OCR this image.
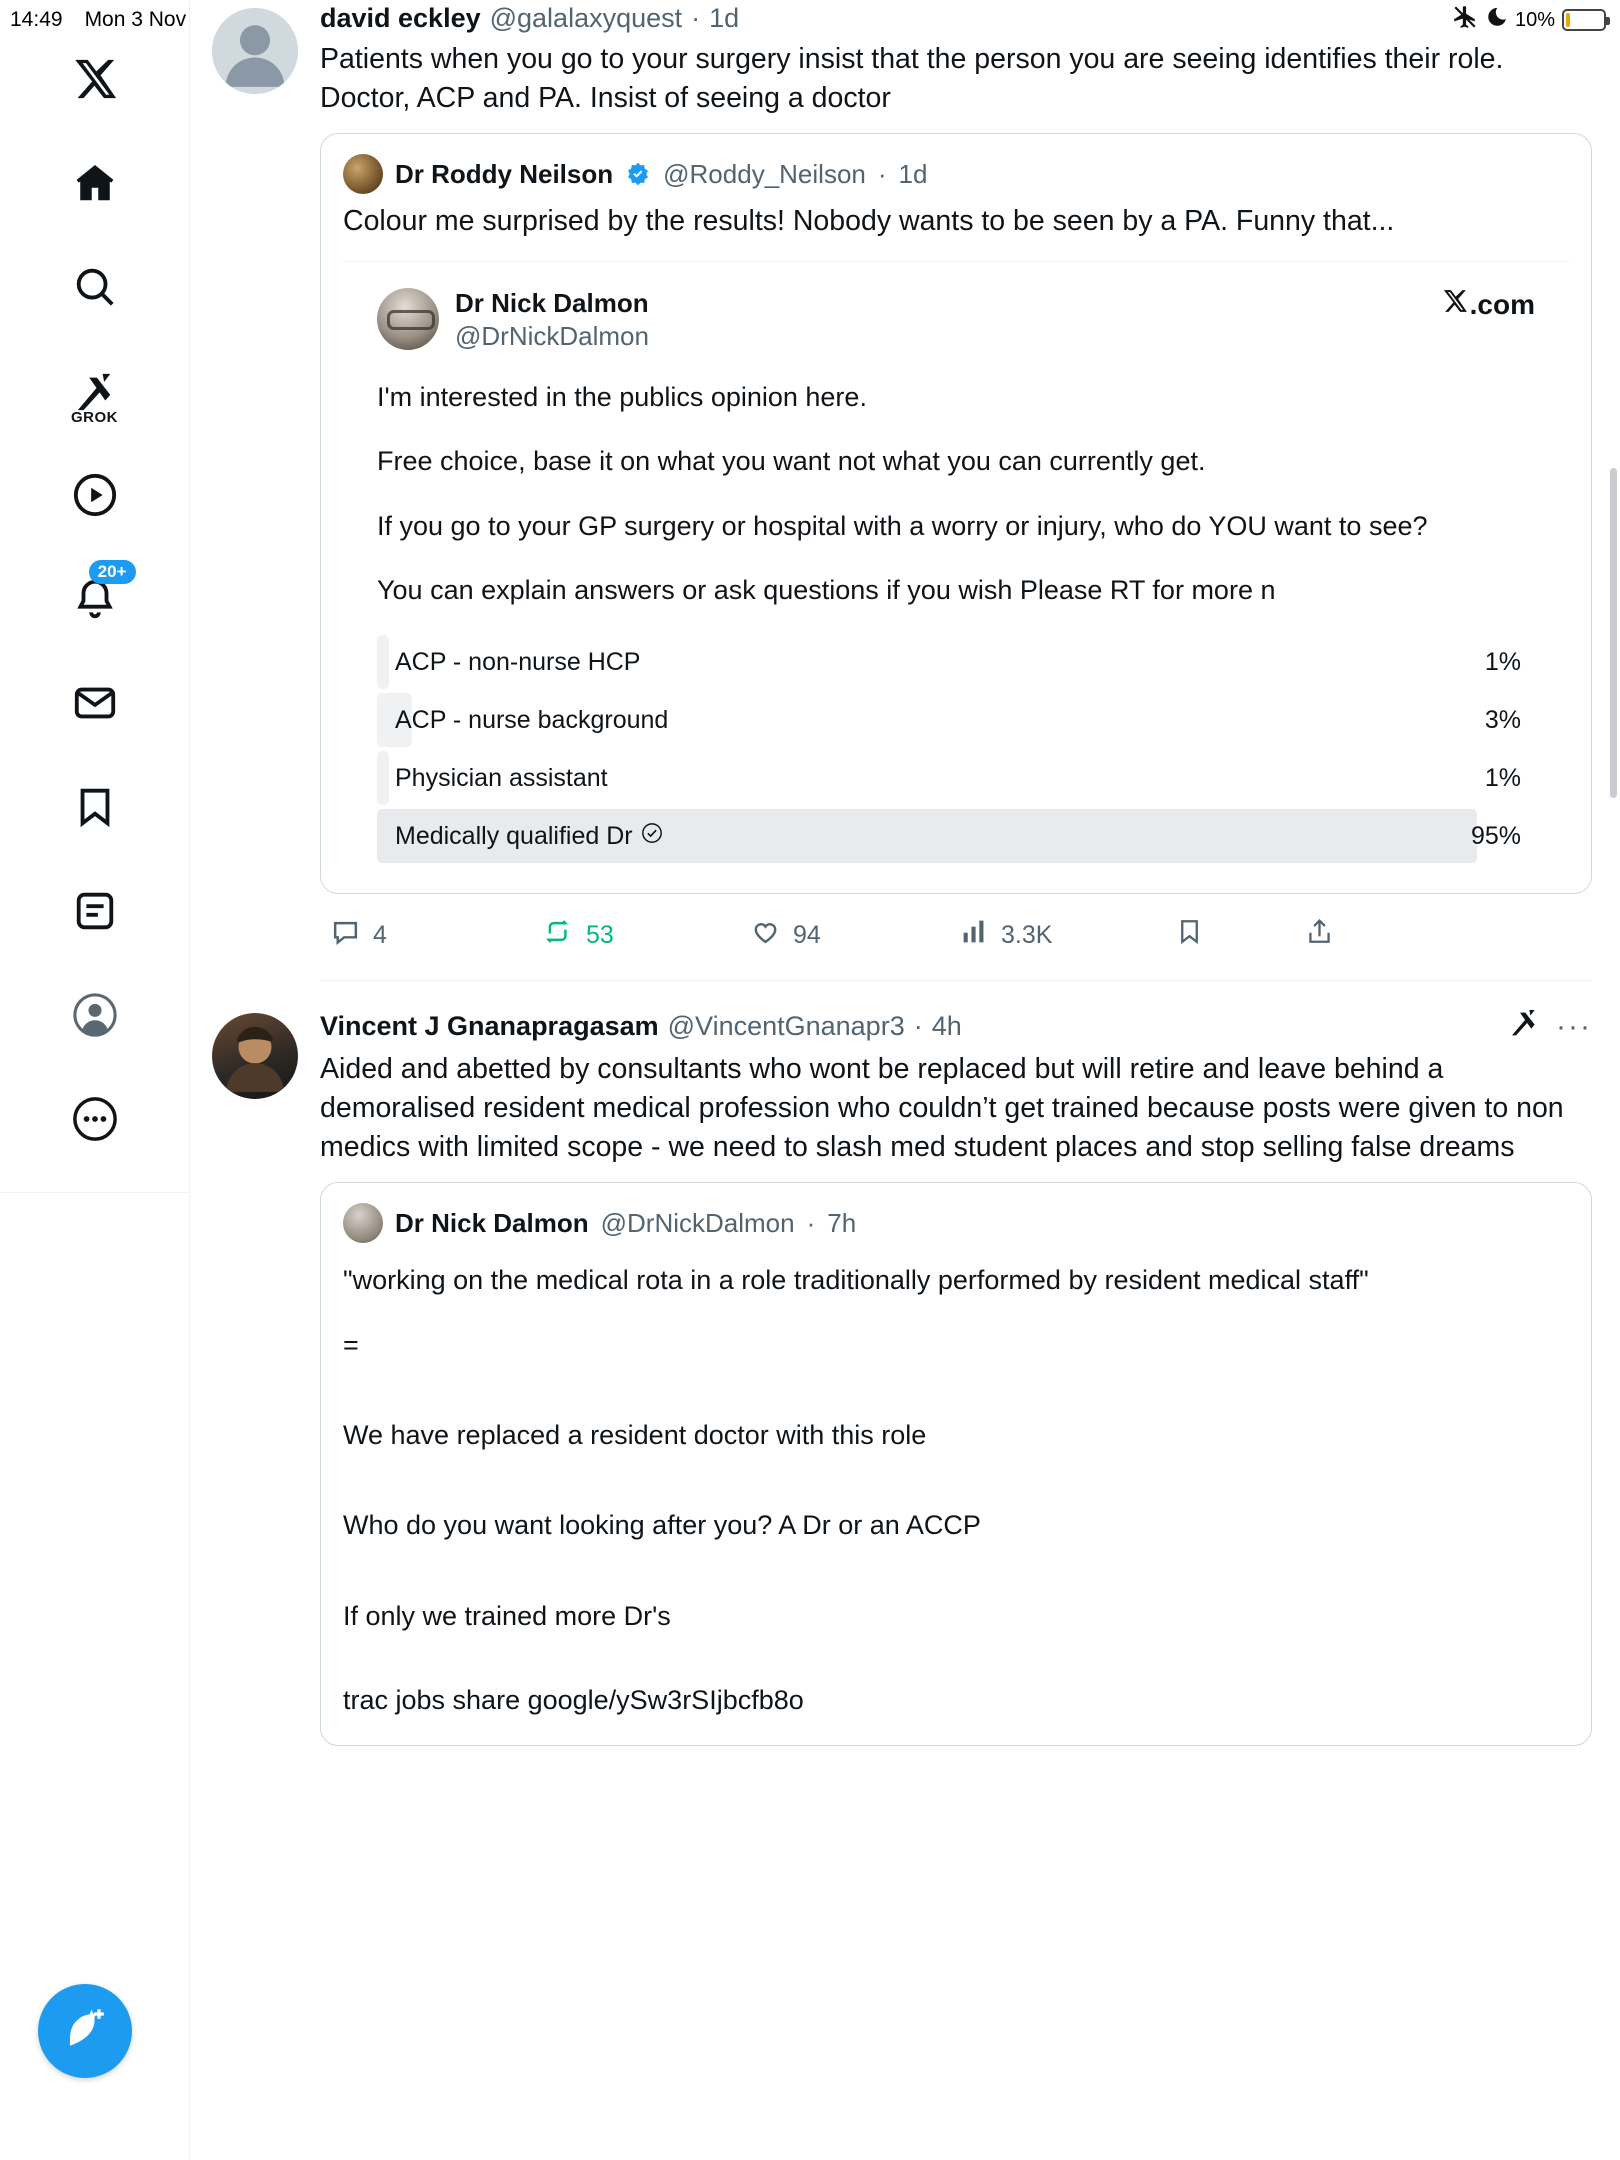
14:49 Mon 3 Nov	10%
GROK
20+
david eckley @galalaxyquest · 1d
Patients when you go to your surgery insist that the person you are seeing identifies their role. Doctor, ACP and PA. Insist of seeing a doctor
Dr Roddy Neilson @Roddy_Neilson · 1d
Colour me surprised by the results! Nobody wants to be seen by a PA. Funny that...
Dr Nick Dalmon
@DrNickDalmon
.com

I'm interested in the publics opinion here.

Free choice, base it on what you want not what you can currently get.

If you go to your GP surgery or hospital with a worry or injury, who do YOU want to see?

You can explain answers or ask questions if you wish Please RT for more n

ACP - non-nurse HCP	1%
ACP - nurse background	3%
Physician assistant	1%
Medically qualified Dr	95%
4	53	94	3.3K
Vincent J Gnanapragasam @VincentGnanapr3 · 4h	···
Aided and abetted by consultants who wont be replaced but will retire and leave behind a demoralised resident medical profession who couldn’t get trained because posts were given to non medics with limited scope - we need to slash med student places and stop selling false dreams
Dr Nick Dalmon @DrNickDalmon · 7h

"working on the medical rota in a role traditionally performed by resident medical staff"

=

We have replaced a resident doctor with this role

Who do you want looking after you? A Dr or an ACCP

If only we trained more Dr's

trac jobs share google/ySw3rSIjbcfb8o
